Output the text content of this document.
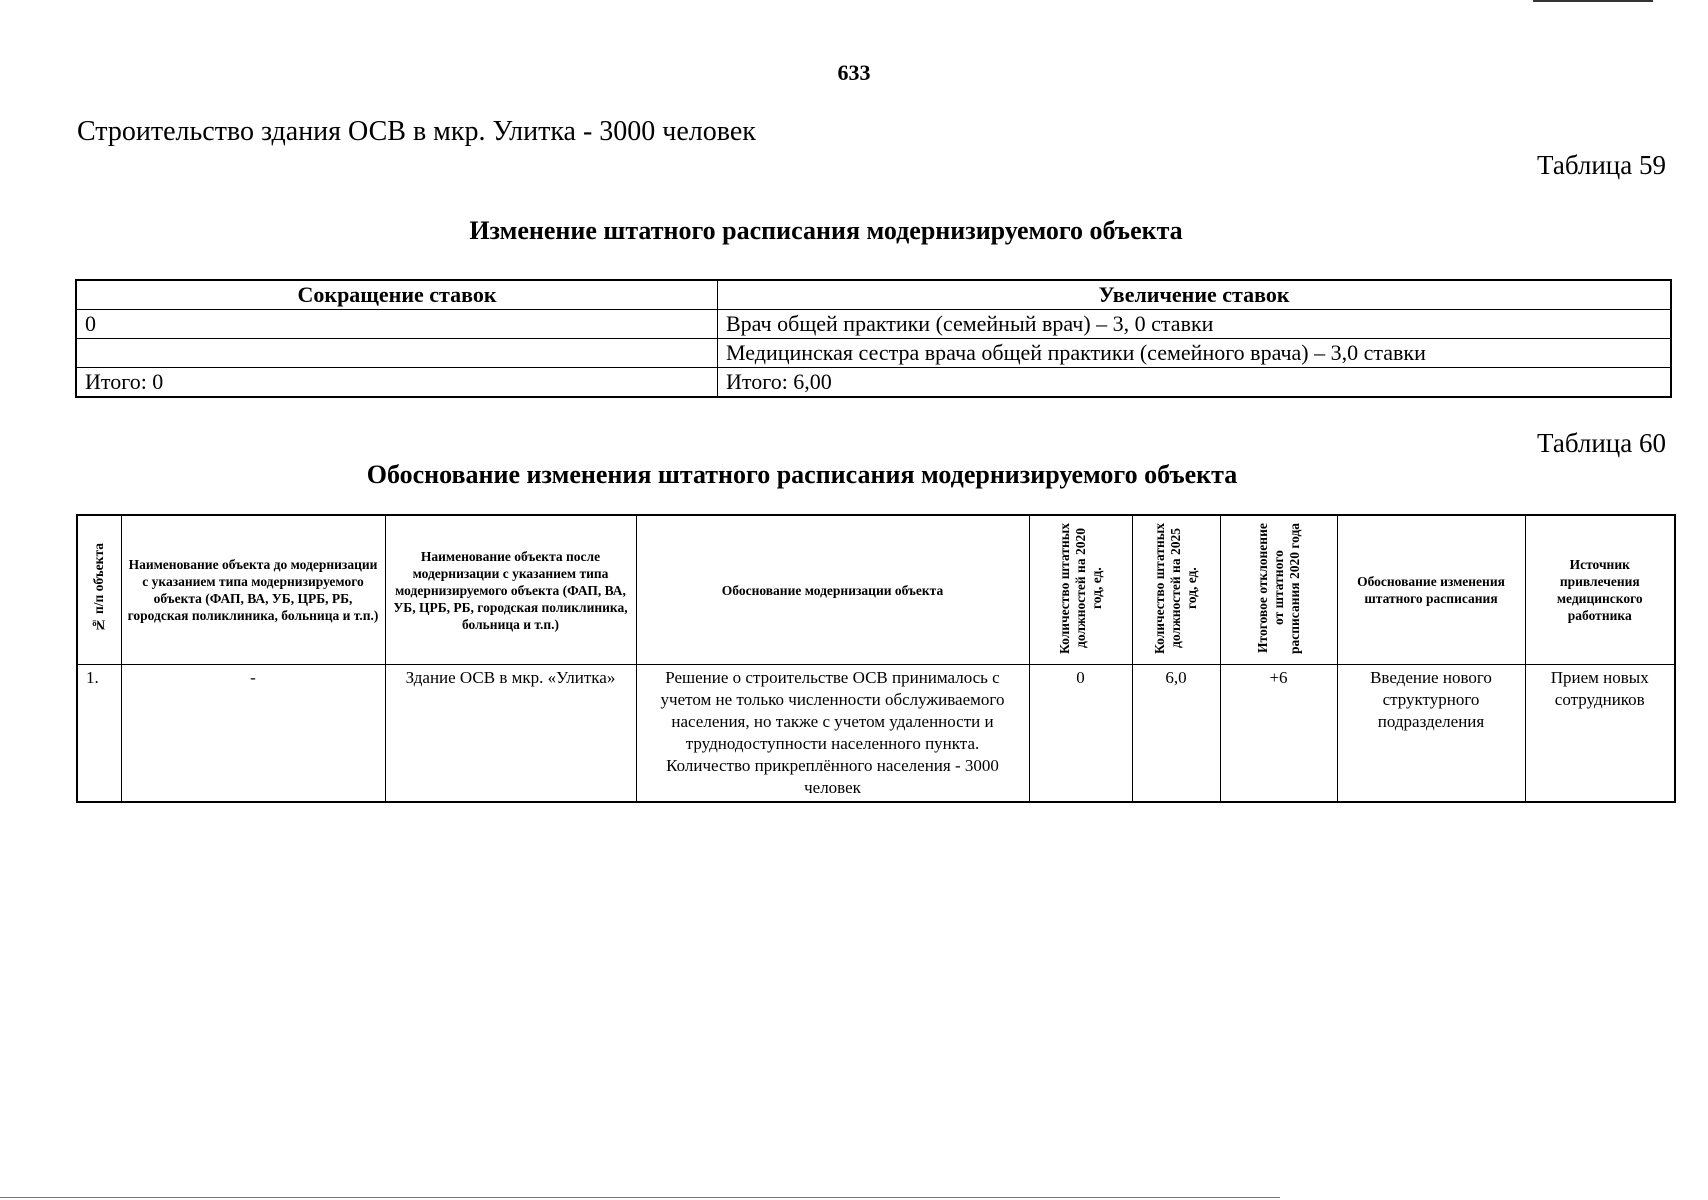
633
Строительство здания ОСВ в мкр. Улитка - 3000 человек
Таблица 59
Изменение штатного расписания модернизируемого объекта
Сокращение ставок	Увеличение ставок
0	Врач общей практики (семейный врач) – 3, 0 ставки
	Медицинская сестра врача общей практики (семейного врача) – 3,0 ставки
Итого: 0	Итого: 6,00
Таблица 60
Обоснование изменения штатного расписания модернизируемого объекта
№ п/п объекта	Наименование объекта до модернизации с указанием типа модернизируемого объекта (ФАП, ВА, УБ, ЦРБ, РБ, городская поликлиника, больница и т.п.)	Наименование объекта после модернизации с указанием типа модернизируемого объекта (ФАП, ВА, УБ, ЦРБ, РБ, городская поликлиника, больница и т.п.)	Обоснование модернизации объекта	Количество штатных должностей на 2020 год, ед.	Количество штатных должностей на 2025 год, ед.	Итоговое отклонение от штатного расписания 2020 года	Обоснование изменения штатного расписания	Источник привлечения медицинского работника
1.	-	Здание ОСВ в мкр. «Улитка»	Решение о строительстве ОСВ принималось с учетом не только численности обслуживаемого населения, но также с учетом удаленности и труднодоступности населенного пункта. Количество прикреплённого населения - 3000 человек	0	6,0	+6	Введение нового структурного подразделения	Прием новых сотрудников
